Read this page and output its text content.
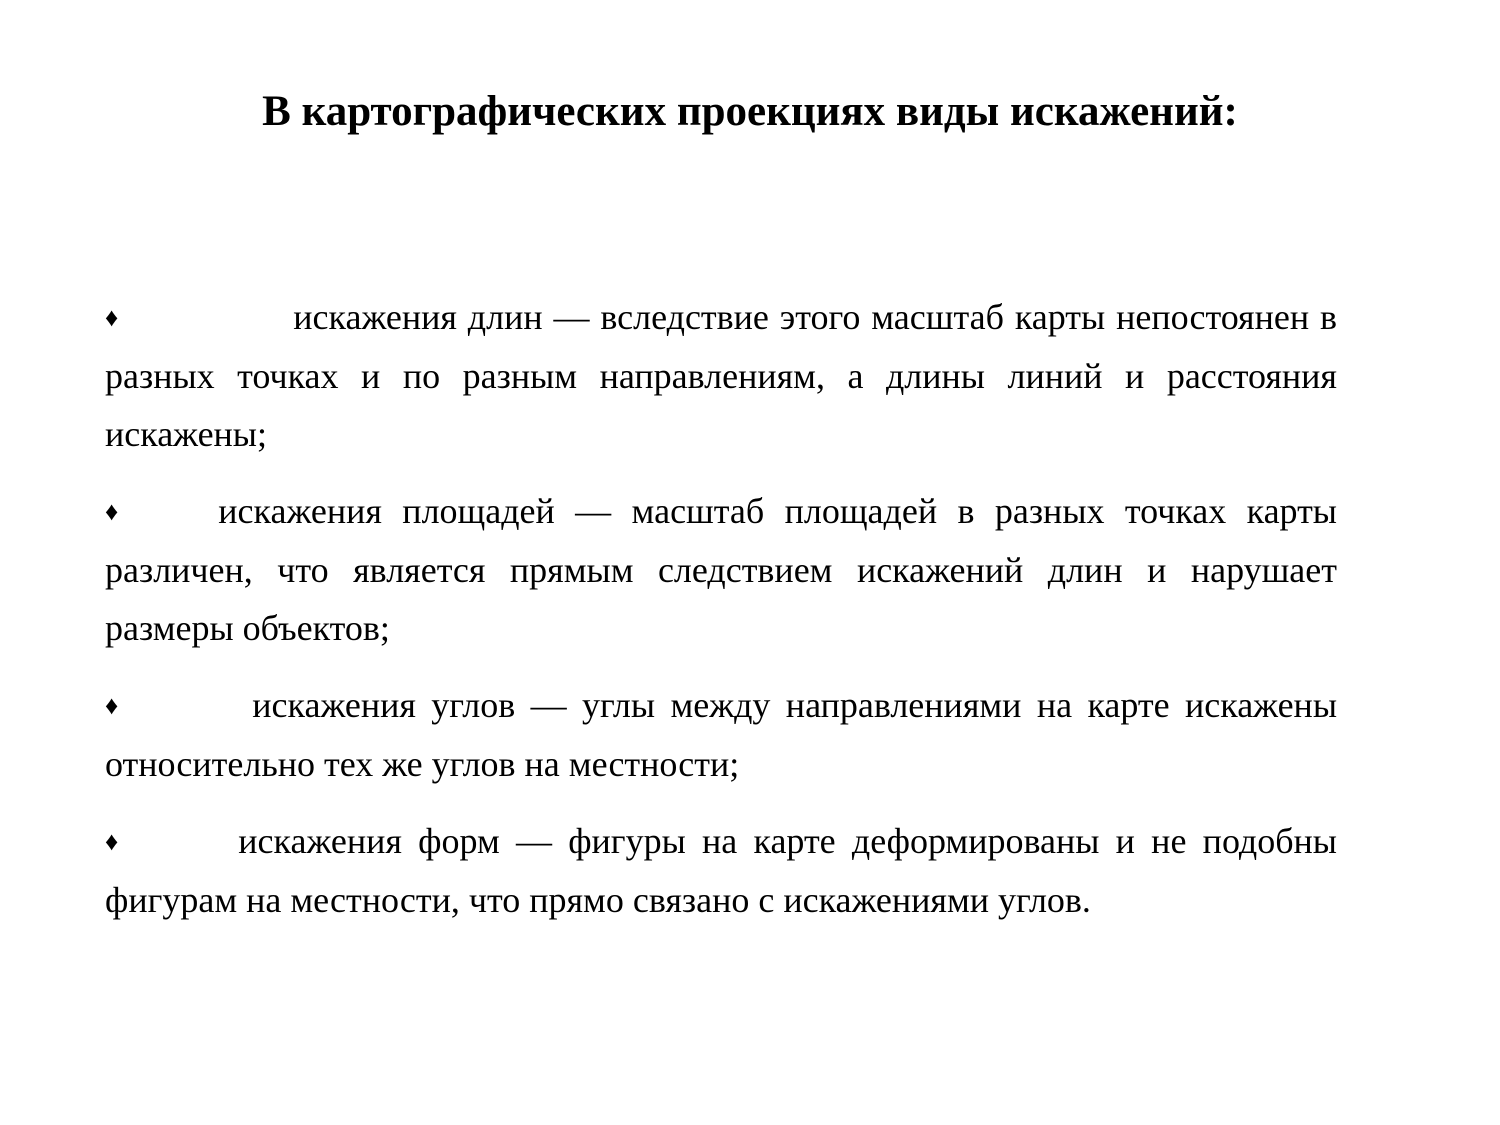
В картографических проекциях виды искажений:
♦	искажения длин — вследствие этого масштаб карты непостоянен в разных точках и по разным направлениям, а длины линий и расстояния искажены;
♦	искажения площадей — масштаб площадей в разных точках карты различен, что является прямым следствием искажений длин и нарушает размеры объектов;
♦	искажения углов — углы между направлениями на карте искажены относительно тех же углов на местности;
♦	искажения форм — фигуры на карте деформированы и не подобны фигурам на местности, что прямо связано с искажениями углов.
